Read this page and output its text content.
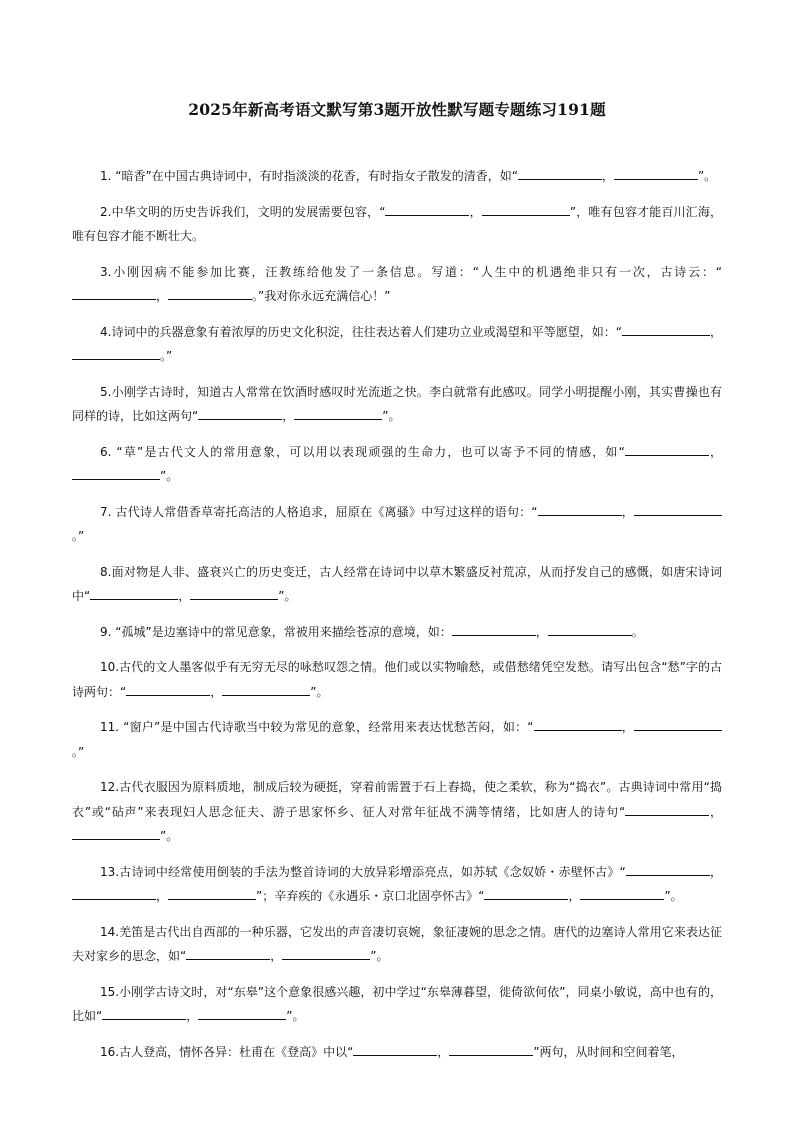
2025年新高考语文默写第3题开放性默写题专题练习191题

1. “暗香”在中国古典诗词中，有时指淡淡的花香，有时指女子散发的清香，如“	，	”。

2.中华文明的历史告诉我们，文明的发展需要包容，“	，	”，唯有包容才能百川汇海，唯有包容才能不断壮大。

3.小刚因病不能参加比赛，汪教练给他发了一条信息。写道：“人生中的机遇绝非只有一次，古诗云：“，	。”我对你永远充满信心！”

4.诗词中的兵器意象有着浓厚的历史文化积淀，往往表达着人们建功立业或渴望和平等愿望，如：“	，。”

5.小刚学古诗时，知道古人常常在饮酒时感叹时光流逝之快。李白就常有此感叹。同学小明提醒小刚，其实曹操也有同样的诗，比如这两句“	，	”。

6. “草”是古代文人的常用意象，可以用以表现顽强的生命力，也可以寄予不同的情感，如“	，”。

7. 古代诗人常借香草寄托高洁的人格追求，屈原在《离骚》中写过这样的语句：“	，。”

8.面对物是人非、盛衰兴亡的历史变迁，古人经常在诗词中以草木繁盛反衬荒凉，从而抒发自己的感慨，如唐宋诗词中“	，	”。

9. “孤城”是边塞诗中的常见意象，常被用来描绘苍凉的意境，如：	，	。

10.古代的文人墨客似乎有无穷无尽的咏愁叹怨之情。他们或以实物喻愁，或借愁绪凭空发愁。请写出包含“愁”字的古诗两句：“	，	”。

11. “窗户”是中国古代诗歌当中较为常见的意象，经常用来表达忧愁苦闷，如：“	，。”

12.古代衣服因为原料质地，制成后较为硬挺，穿着前需置于石上舂捣，使之柔软，称为“捣衣”。古典诗词中常用“捣衣”或“砧声”来表现妇人思念征夫、游子思家怀乡、征人对常年征战不满等情绪，比如唐人的诗句“	，”。

13.古诗词中经常使用倒装的手法为整首诗词的大放异彩增添亮点，如苏轼《念奴娇・赤壁怀古》“	，，	”；辛弃疾的《永遇乐・京口北固亭怀古》“	，	”。

14.羌笛是古代出自西部的一种乐器，它发出的声音凄切哀婉，象征凄婉的思念之情。唐代的边塞诗人常用它来表达征夫对家乡的思念，如“	，	”。

15.小刚学古诗文时，对“东皋”这个意象很感兴趣，初中学过“东皋薄暮望，徙倚欲何依”，同桌小敏说，高中也有的，比如“	，	”。

16.古人登高，情怀各异：杜甫在《登高》中以“	，	”两句，从时间和空间着笔，
